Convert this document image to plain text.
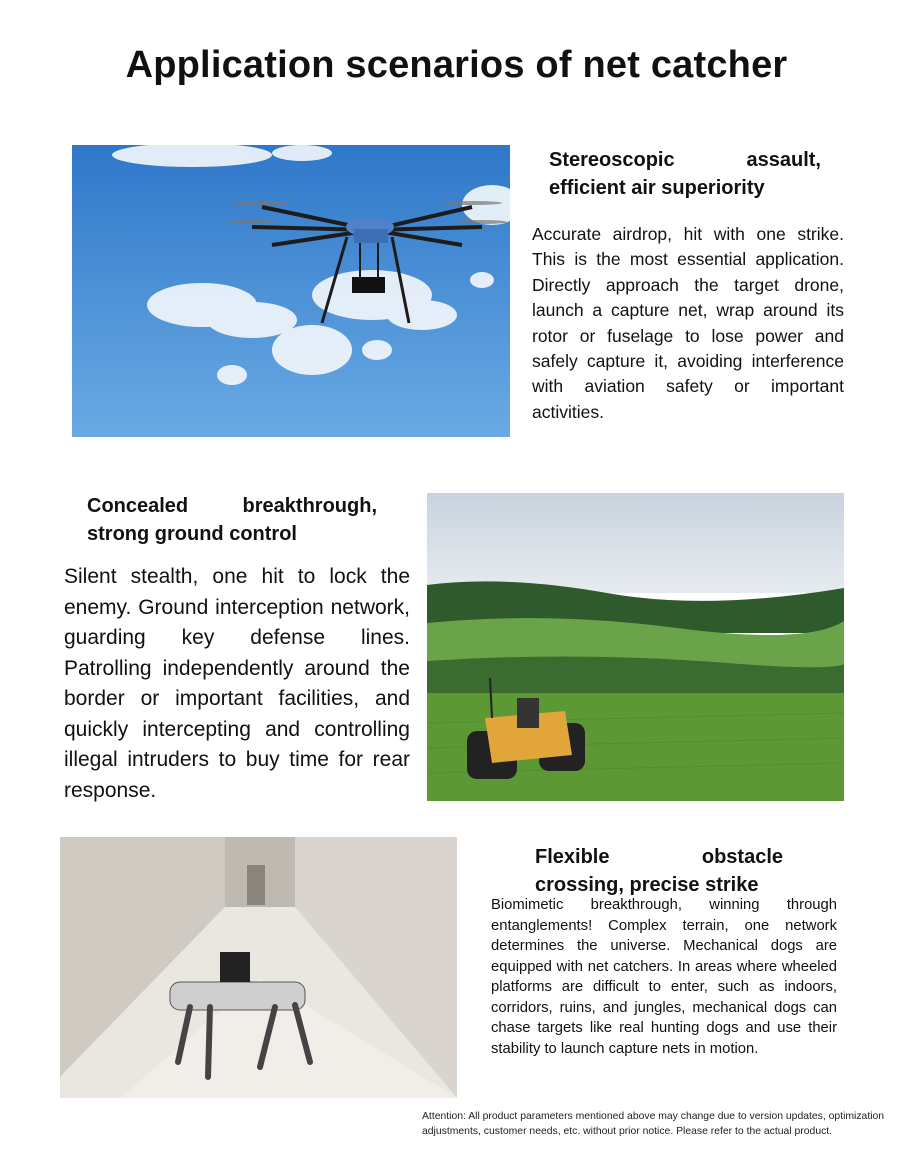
Application scenarios of net catcher
Stereoscopic assault, efficient air superiority
Accurate airdrop, hit with one strike. This is the most essential application. Directly approach the target drone, launch a capture net, wrap around its rotor or fuselage to lose power and safely capture it, avoiding interference with aviation safety or important activities.
Concealed breakthrough, strong ground control
Silent stealth, one hit to lock the enemy. Ground interception network, guarding key defense lines. Patrolling independently around the border or important facilities, and quickly intercepting and controlling illegal intruders to buy time for rear response.
Flexible obstacle crossing, precise strike
Biomimetic breakthrough, winning through entanglements! Complex terrain, one network determines the universe. Mechanical dogs are equipped with net catchers. In areas where wheeled platforms are difficult to enter, such as indoors, corridors, ruins, and jungles, mechanical dogs can chase targets like real hunting dogs and use their stability to launch capture nets in motion.
Attention: All product parameters mentioned above may change due to version updates, optimization adjustments, customer needs, etc. without prior notice. Please refer to the actual product.
